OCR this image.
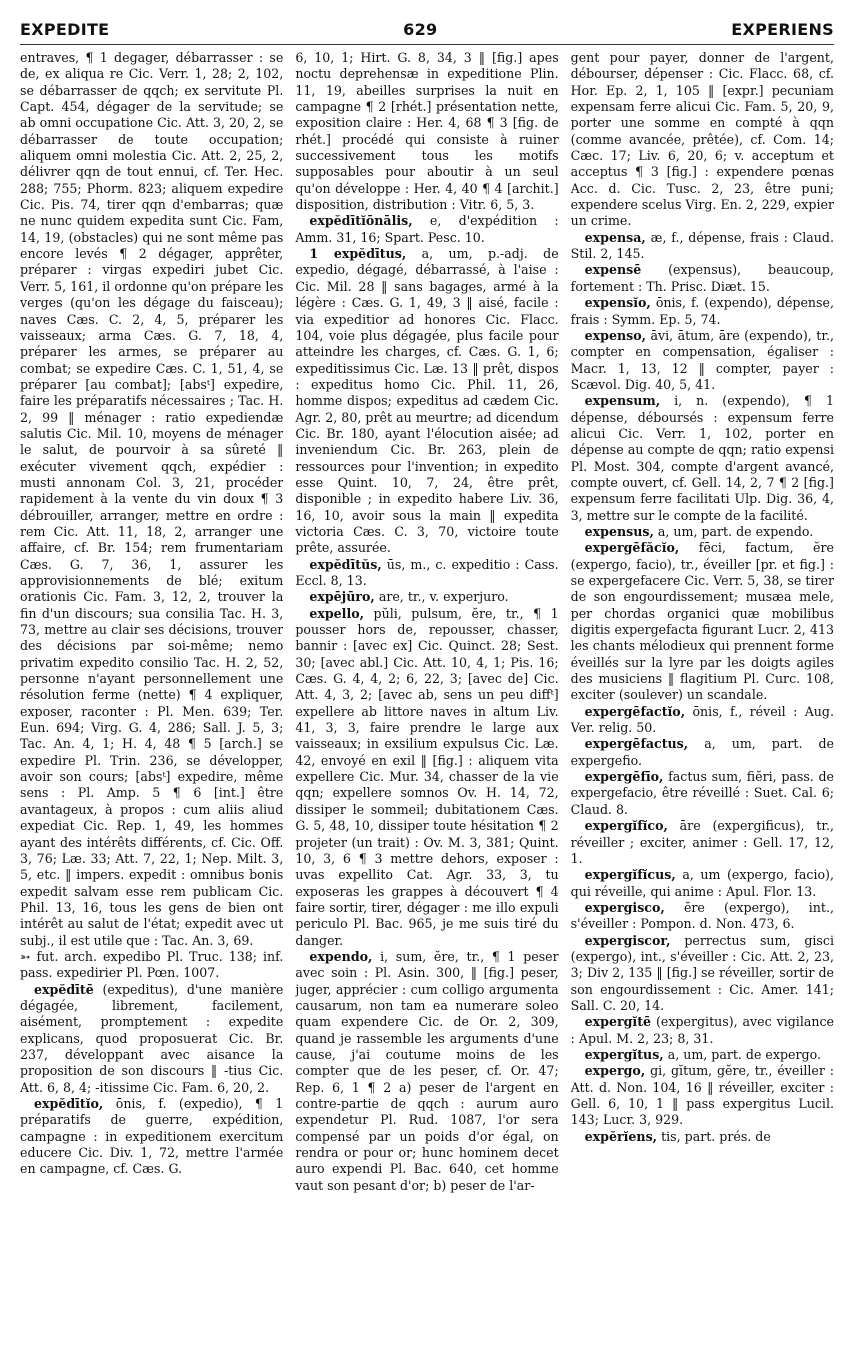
EXPEDITE	629	EXPERIENS

entraves, ¶ 1 degager, débarrasser : se de, ex aliqua re Cic. Verr. 1, 28; 2, 102, se débarrasser de qqch; ex servitute Pl. Capt. 454, dégager de la servitude; se ab omni occupatione Cic. Att. 3, 20, 2, se débarrasser de toute occupation; aliquem omni molestia Cic. Att. 2, 25, 2, délivrer qqn de tout ennui, cf. Ter. Hec. 288; 755; Phorm. 823; aliquem expedire Cic. Pis. 74, tirer qqn d'embarras; quæ ne nunc quidem expedita sunt Cic. Fam, 14, 19, (obstacles) qui ne sont même pas encore levés ¶ 2 dégager, apprêter, préparer : virgas expediri jubet Cic. Verr. 5, 161, il ordonne qu'on prépare les verges (qu'on les dégage du faisceau); naves Cæs. C. 2, 4, 5, préparer les vaisseaux; arma Cæs. G. 7, 18, 4, préparer les armes, se préparer au combat; se expedire Cæs. C. 1, 51, 4, se préparer [au combat]; [absᵗ] expedire, faire les préparatifs nécessaires ; Tac. H. 2, 99 ‖ ménager : ratio expediendæ salutis Cic. Mil. 10, moyens de ménager le salut, de pourvoir à sa sûreté ‖ exécuter vivement qqch, expédier : musti annonam Col. 3, 21, procéder rapidement à la vente du vin doux ¶ 3 débrouiller, arranger, mettre en ordre : rem Cic. Att. 11, 18, 2, arranger une affaire, cf. Br. 154; rem frumentariam Cæs. G. 7, 36, 1, assurer les approvisionnements de blé; exitum orationis Cic. Fam. 3, 12, 2, trouver la fin d'un discours; sua consilia Tac. H. 3, 73, mettre au clair ses décisions, trouver des décisions par soi-même; nemo privatim expedito consilio Tac. H. 2, 52, personne n'ayant personnellement une résolution ferme (nette) ¶ 4 expliquer, exposer, raconter : Pl. Men. 639; Ter. Eun. 694; Virg. G. 4, 286; Sall. J. 5, 3; Tac. An. 4, 1; H. 4, 48 ¶ 5 [arch.] se expedire Pl. Trin. 236, se développer, avoir son cours; [absᵗ] expedire, même sens : Pl. Amp. 5 ¶ 6 [int.] être avantageux, à propos : cum aliis aliud expediat Cic. Rep. 1, 49, les hommes ayant des intérêts différents, cf. Cic. Off. 3, 76; Læ. 33; Att. 7, 22, 1; Nep. Milt. 3, 5, etc. ‖ impers. expedit : omnibus bonis expedit salvam esse rem publicam Cic. Phil. 13, 16, tous les gens de bien ont intérêt au salut de l'état; expedit avec ut subj., il est utile que : Tac. An. 3, 69.

➳ fut. arch. expedibo Pl. Truc. 138; inf. pass. expedirier Pl. Pœn. 1007.

expĕdītē (expeditus), d'une manière dégagée, librement, facilement, aisément, promptement : expedite explicans, quod proposuerat Cic. Br. 237, développant avec aisance la proposition de son discours ‖ -tius Cic. Att. 6, 8, 4; -itissime Cic. Fam. 6, 20, 2.

expĕdītĭo, ōnis, f. (expedio), ¶ 1 préparatifs de guerre, expédition, campagne : in expeditionem exercitum educere Cic. Div. 1, 72, mettre l'armée en campagne, cf. Cæs. G.

6, 10, 1; Hirt. G. 8, 34, 3 ‖ [fig.] apes noctu deprehensæ in expeditione Plin. 11, 19, abeilles surprises la nuit en campagne ¶ 2 [rhét.] présentation nette, exposition claire : Her. 4, 68 ¶ 3 [fig. de rhét.] procédé qui consiste à ruiner successivement tous les motifs supposables pour aboutir à un seul qu'on développe : Her. 4, 40 ¶ 4 [archit.] disposition, distribution : Vitr. 6, 5, 3.

expĕdītĭōnālis, e, d'expédition : Amm. 31, 16; Spart. Pesc. 10.

1 expĕdītus, a, um, p.-adj. de expedio, dégagé, débarrassé, à l'aise : Cic. Mil. 28 ‖ sans bagages, armé à la légère : Cæs. G. 1, 49, 3 ‖ aisé, facile : via expeditior ad honores Cic. Flacc. 104, voie plus dégagée, plus facile pour atteindre les charges, cf. Cæs. G. 1, 6; expeditissimus Cic. Læ. 13 ‖ prêt, dispos : expeditus homo Cic. Phil. 11, 26, homme dispos; expeditus ad cædem Cic. Agr. 2, 80, prêt au meurtre; ad dicendum Cic. Br. 180, ayant l'élocution aisée; ad inveniendum Cic. Br. 263, plein de ressources pour l'invention; in expedito esse Quint. 10, 7, 24, être prêt, disponible ; in expedito habere Liv. 36, 16, 10, avoir sous la main ‖ expedita victoria Cæs. C. 3, 70, victoire toute prête, assurée.

expĕdītŭs, ūs, m., c. expeditio : Cass. Eccl. 8, 13.

expējūro, are, tr., v. experjuro.

expello, pŭli, pulsum, ĕre, tr., ¶ 1 pousser hors de, repousser, chasser, bannir : [avec ex] Cic. Quinct. 28; Sest. 30; [avec abl.] Cic. Att. 10, 4, 1; Pis. 16; Cæs. G. 4, 4, 2; 6, 22, 3; [avec de] Cic. Att. 4, 3, 2; [avec ab, sens un peu diffᵗ] expellere ab littore naves in altum Liv. 41, 3, 3, faire prendre le large aux vaisseaux; in exsilium expulsus Cic. Læ. 42, envoyé en exil ‖ [fig.] : aliquem vita expellere Cic. Mur. 34, chasser de la vie qqn; expellere somnos Ov. H. 14, 72, dissiper le sommeil; dubitationem Cæs. G. 5, 48, 10, dissiper toute hésitation ¶ 2 projeter (un trait) : Ov. M. 3, 381; Quint. 10, 3, 6 ¶ 3 mettre dehors, exposer : uvas expellito Cat. Agr. 33, 3, tu exposeras les grappes à découvert ¶ 4 faire sortir, tirer, dégager : me illo expuli periculo Pl. Bac. 965, je me suis tiré du danger.

expendo, i, sum, ĕre, tr., ¶ 1 peser avec soin : Pl. Asin. 300, ‖ [fig.] peser, juger, apprécier : cum colligo argumenta causarum, non tam ea numerare soleo quam expendere Cic. de Or. 2, 309, quand je rassemble les arguments d'une cause, j'ai coutume moins de les compter que de les peser, cf. Or. 47; Rep. 6, 1 ¶ 2 a) peser de l'argent en contre-partie de qqch : aurum auro expendetur Pl. Rud. 1087, l'or sera compensé par un poids d'or égal, on rendra or pour or; hunc hominem decet auro expendi Pl. Bac. 640, cet homme vaut son pesant d'or; b) peser de l'ar-

gent pour payer, donner de l'argent, débourser, dépenser : Cic. Flacc. 68, cf. Hor. Ep. 2, 1, 105 ‖ [expr.] pecuniam expensam ferre alicui Cic. Fam. 5, 20, 9, porter une somme en compté à qqn (comme avancée, prêtée), cf. Com. 14; Cæc. 17; Liv. 6, 20, 6; v. acceptum et acceptus ¶ 3 [fig.] : expendere pœnas Acc. d. Cic. Tusc. 2, 23, être puni; expendere scelus Virg. En. 2, 229, expier un crime.

expensa, æ, f., dépense, frais : Claud. Stil. 2, 145.

expensē (expensus), beaucoup, fortement : Th. Prisc. Diæt. 15.

expensĭo, ōnis, f. (expendo), dépense, frais : Symm. Ep. 5, 74.

expenso, āvi, ātum, āre (expendo), tr., compter en compensation, égaliser : Macr. 1, 13, 12 ‖ compter, payer : Scævol. Dig. 40, 5, 41.

expensum, i, n. (expendo), ¶ 1 dépense, déboursés : expensum ferre alicui Cic. Verr. 1, 102, porter en dépense au compte de qqn; ratio expensi Pl. Most. 304, compte d'argent avancé, compte ouvert, cf. Gell. 14, 2, 7 ¶ 2 [fig.] expensum ferre facilitati Ulp. Dig. 36, 4, 3, mettre sur le compte de la facilité.

expensus, a, um, part. de expendo.

expergēfăcĭo, fēci, factum, ĕre (expergo, facio), tr., éveiller [pr. et fig.] : se expergefacere Cic. Verr. 5, 38, se tirer de son engourdissement; musæa mele, per chordas organici quæ mobilibus digitis expergefacta figurant Lucr. 2, 413 les chants mélodieux qui prennent forme éveillés sur la lyre par les doigts agiles des musiciens ‖ flagitium Pl. Curc. 108, exciter (soulever) un scandale.

expergēfactĭo, ōnis, f., réveil : Aug. Ver. relig. 50.

expergēfactus, a, um, part. de expergefio.

expergēfīo, factus sum, fiĕri, pass. de expergefacio, être réveillé : Suet. Cal. 6; Claud. 8.

expergĭfĭco, āre (expergificus), tr., réveiller ; exciter, animer : Gell. 17, 12, 1.

expergĭfĭcus, a, um (expergo, facio), qui réveille, qui anime : Apul. Flor. 13.

expergisco, ĕre (expergo), int., s'éveiller : Pompon. d. Non. 473, 6.

expergiscor, perrectus sum, gisci (expergo), int., s'éveiller : Cic. Att. 2, 23, 3; Div 2, 135 ‖ [fig.] se réveiller, sortir de son engourdissement : Cic. Amer. 141; Sall. C. 20, 14.

expergĭtē (expergitus), avec vigilance : Apul. M. 2, 23; 8, 31.

expergĭtus, a, um, part. de expergo.

expergo, gi, gĭtum, gĕre, tr., éveiller : Att. d. Non. 104, 16 ‖ réveiller, exciter : Gell. 6, 10, 1 ‖ pass expergitus Lucil. 143; Lucr. 3, 929.

expĕrĭens, tis, part. prés. de
